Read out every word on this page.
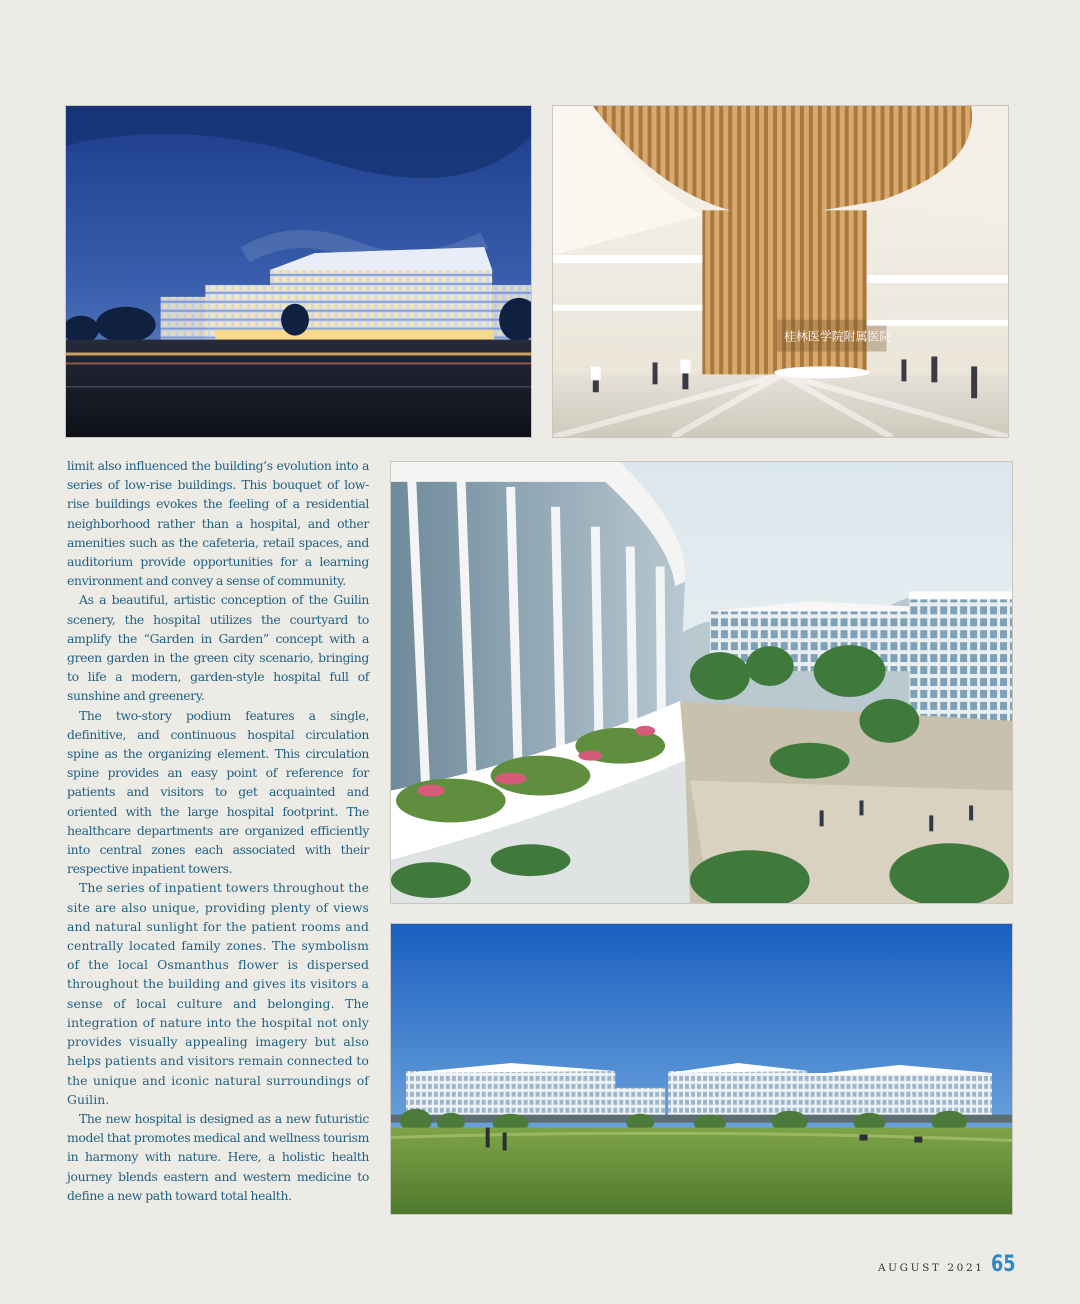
桂林医学院附属医院

limit also influenced the building’s evolution into a series of low-rise buildings. This bouquet of low-rise buildings evokes the feeling of a residential neighborhood rather than a hospital, and other amenities such as the cafeteria, retail spaces, and auditorium provide opportunities for a learning environment and convey a sense of community.

As a beautiful, artistic conception of the Guilin scenery, the hospital utilizes the courtyard to amplify the “Garden in Garden” concept with a green garden in the green city scenario, bringing to life a modern, garden-style hospital full of sunshine and greenery.

The two-story podium features a single, definitive, and continuous hospital circulation spine as the organizing element. This circulation spine provides an easy point of reference for patients and visitors to get acquainted and oriented with the large hospital footprint. The healthcare departments are organized efficiently into central zones each associated with their respective inpatient towers.

The series of inpatient towers throughout the site are also unique, providing plenty of views and natural sunlight for the patient rooms and centrally located family zones. The symbolism of the local Osmanthus flower is dispersed throughout the building and gives its visitors a sense of local culture and belonging. The integration of nature into the hospital not only provides visually appealing imagery but also helps patients and visitors remain connected to the unique and iconic natural surroundings of Guilin.

The new hospital is designed as a new futuristic model that promotes medical and wellness tourism in harmony with nature. Here, a holistic health journey blends eastern and western medicine to define a new path toward total health.

AUGUST 2021 65
